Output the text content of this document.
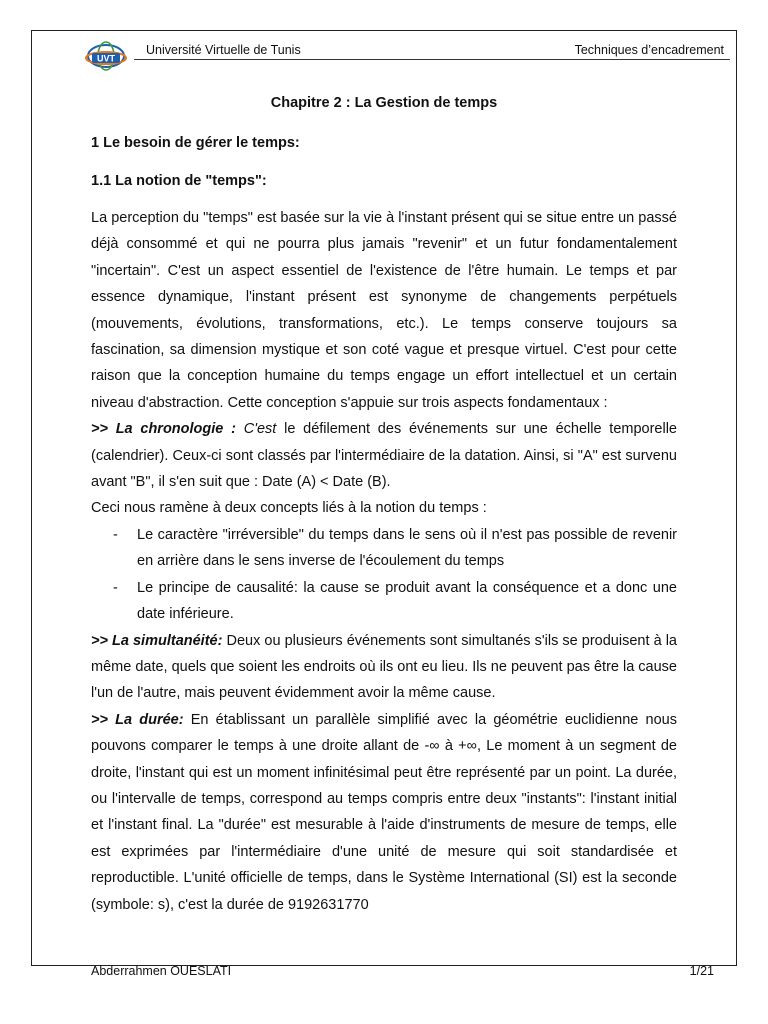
UVT
Université Virtuelle de Tunis	Techniques d’encadrement
Chapitre 2 : La Gestion de temps
1 Le besoin de gérer le temps:
1.1 La notion de "temps":

La perception du "temps" est basée sur la vie à l'instant présent qui se situe entre un passé déjà consommé et qui ne pourra plus jamais "revenir" et un futur fondamentalement "incertain". C'est un aspect essentiel de l'existence de l'être humain. Le temps et par essence dynamique, l'instant présent est synonyme de changements perpétuels (mouvements, évolutions, transformations, etc.). Le temps conserve toujours sa fascination, sa dimension mystique et son coté vague et presque virtuel. C'est pour cette raison que la conception humaine du temps engage un effort intellectuel et un certain niveau d'abstraction. Cette conception s'appuie sur trois aspects fondamentaux :

>> La chronologie : C'est le défilement des événements sur une échelle temporelle (calendrier). Ceux-ci sont classés par l'intermédiaire de la datation. Ainsi, si "A" est survenu avant "B", il s'en suit que : Date (A) < Date (B).

Ceci nous ramène à deux concepts liés à la notion du temps :

- Le caractère "irréversible" du temps dans le sens où il n'est pas possible de revenir en arrière dans le sens inverse de l'écoulement du temps
- Le principe de causalité: la cause se produit avant la conséquence et a donc une date inférieure.

>> La simultanéité: Deux ou plusieurs événements sont simultanés s'ils se produisent à la même date, quels que soient les endroits où ils ont eu lieu. Ils ne peuvent pas être la cause l'un de l'autre, mais peuvent évidemment avoir la même cause.

>> La durée: En établissant un parallèle simplifié avec la géométrie euclidienne nous pouvons comparer le temps à une droite allant de -∞ à +∞, Le moment à un segment de droite, l'instant qui est un moment infinitésimal peut être représenté par un point. La durée, ou l'intervalle de temps, correspond au temps compris entre deux "instants": l'instant initial et l'instant final. La "durée" est mesurable à l'aide d'instruments de mesure de temps, elle est exprimées par l'intermédiaire d'une unité de mesure qui soit standardisée et reproductible. L'unité officielle de temps, dans le Système International (SI) est la seconde (symbole: s), c'est la durée de 9192631770

Abderrahmen OUESLATI	1/21
